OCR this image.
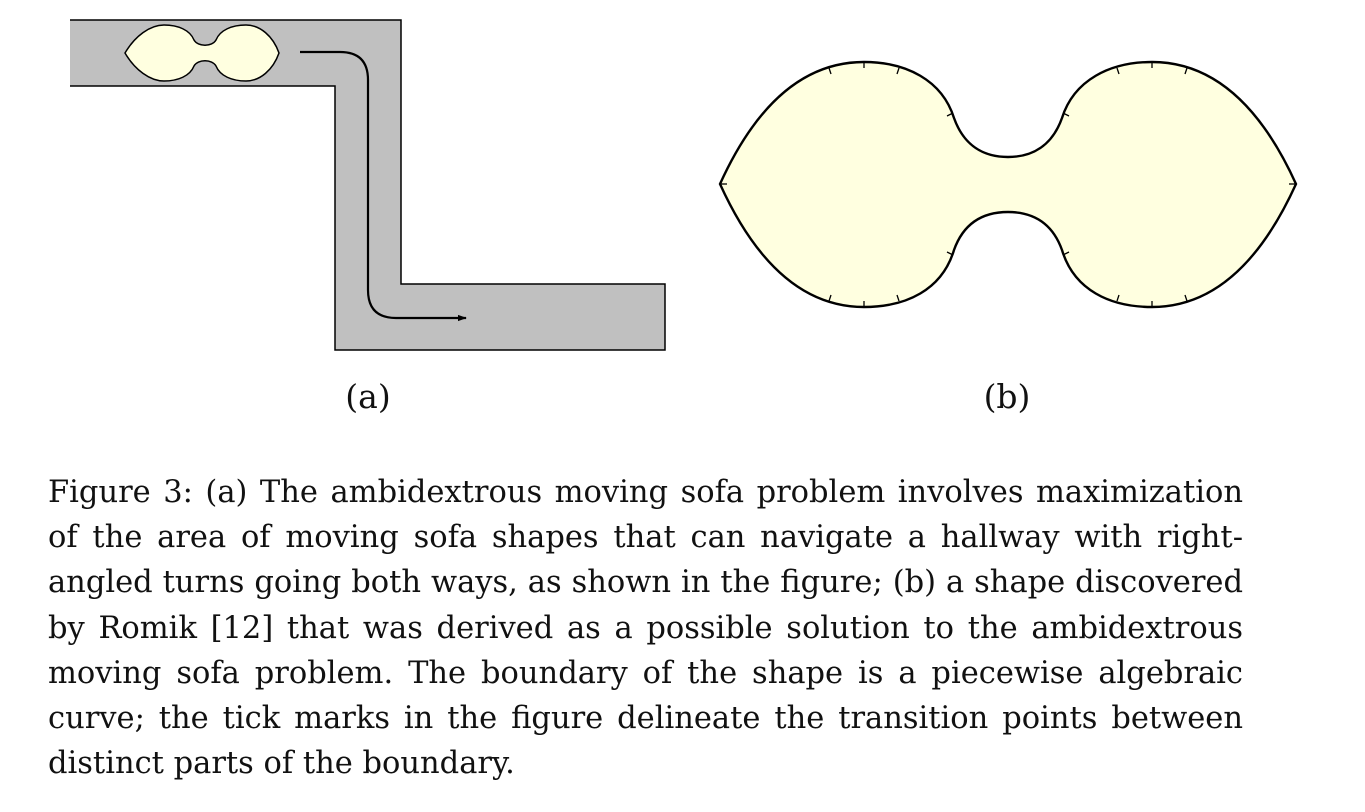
(a)	(b)
Figure 3: (a) The ambidextrous moving sofa problem involves maximization
of the area of moving sofa shapes that can navigate a hallway with right-
angled turns going both ways, as shown in the figure; (b) a shape discovered
by Romik [12] that was derived as a possible solution to the ambidextrous
moving sofa problem. The boundary of the shape is a piecewise algebraic
curve; the tick marks in the figure delineate the transition points between
distinct parts of the boundary.
